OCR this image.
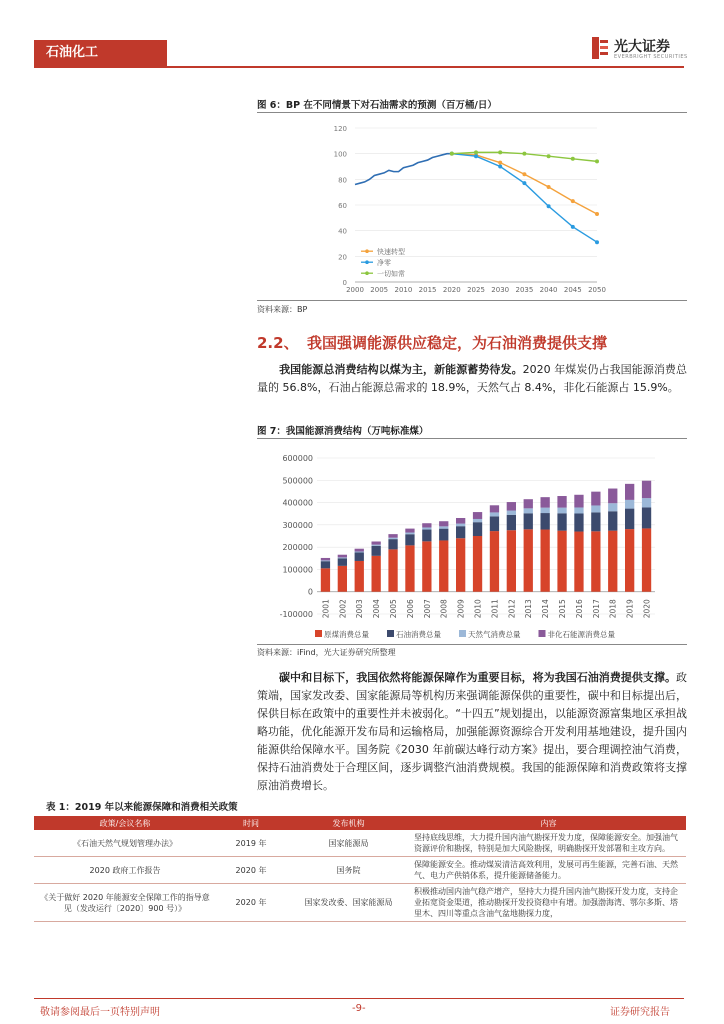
石油化工	光大证券
EVERBRIGHT SECURITIES
图 6：BP 在不同情景下对石油需求的预测（百万桶/日）
0
20
40
60
80
100
120
2000 2005 2010 2015 2020 2025 2030 2035 2040 2045 2050
快速转型
净零
一切如常
资料来源：BP
2.2、 我国强调能源供应稳定，为石油消费提供支撑
我国能源总消费结构以煤为主，新能源蓄势待发。2020 年煤炭仍占我国能源消费总量的 56.8%，石油占能源总需求的 18.9%，天然气占 8.4%，非化石能源占 15.9%。
图 7：我国能源消费结构（万吨标准煤）
-100000
0
100000
200000
300000
400000
500000
600000
2001 2002 2003 2004 2005 2006 2007 2008 2009 2010 2011 2012 2013 2014 2015 2016 2017 2018 2019 2020
原煤消费总量	石油消费总量	天然气消费总量	非化石能源消费总量
资料来源：iFind，光大证券研究所整理
碳中和目标下，我国依然将能源保障作为重要目标，将为我国石油消费提供支撑。政策端，国家发改委、国家能源局等机构历来强调能源保供的重要性，碳中和目标提出后，保供目标在政策中的重要性并未被弱化。“十四五”规划提出，以能源资源富集地区承担战略功能，优化能源开发布局和运输格局，加强能源资源综合开发利用基地建设，提升国内能源供给保障水平。国务院《2030 年前碳达峰行动方案》提出，要合理调控油气消费，保持石油消费处于合理区间，逐步调整汽油消费规模。我国的能源保障和消费政策将支撑原油消费增长。
表 1：2019 年以来能源保障和消费相关政策
政策/会议名称	时间	发布机构	内容
《石油天然气规划管理办法》	2019 年	国家能源局	坚持底线思维，大力提升国内油气勘探开发力度，保障能源安全。加强油气资源评价和勘探，特别是加大风险勘探，明确勘探开发部署和主攻方向。
2020 政府工作报告	2020 年	国务院	保障能源安全。推动煤炭清洁高效利用，发展可再生能源，完善石油、天然气、电力产供销体系，提升能源储备能力。
《关于做好 2020 年能源安全保障工作的指导意见（发改运行〔2020〕900 号）》	2020 年	国家发改委、国家能源局	积极推动国内油气稳产增产，坚持大力提升国内油气勘探开发力度，支持企业拓宽资金渠道，推动勘探开发投资稳中有增。加强渤海湾、鄂尔多斯、塔里木、四川等重点含油气盆地勘探力度，
敬请参阅最后一页特别声明	-9-	证券研究报告
